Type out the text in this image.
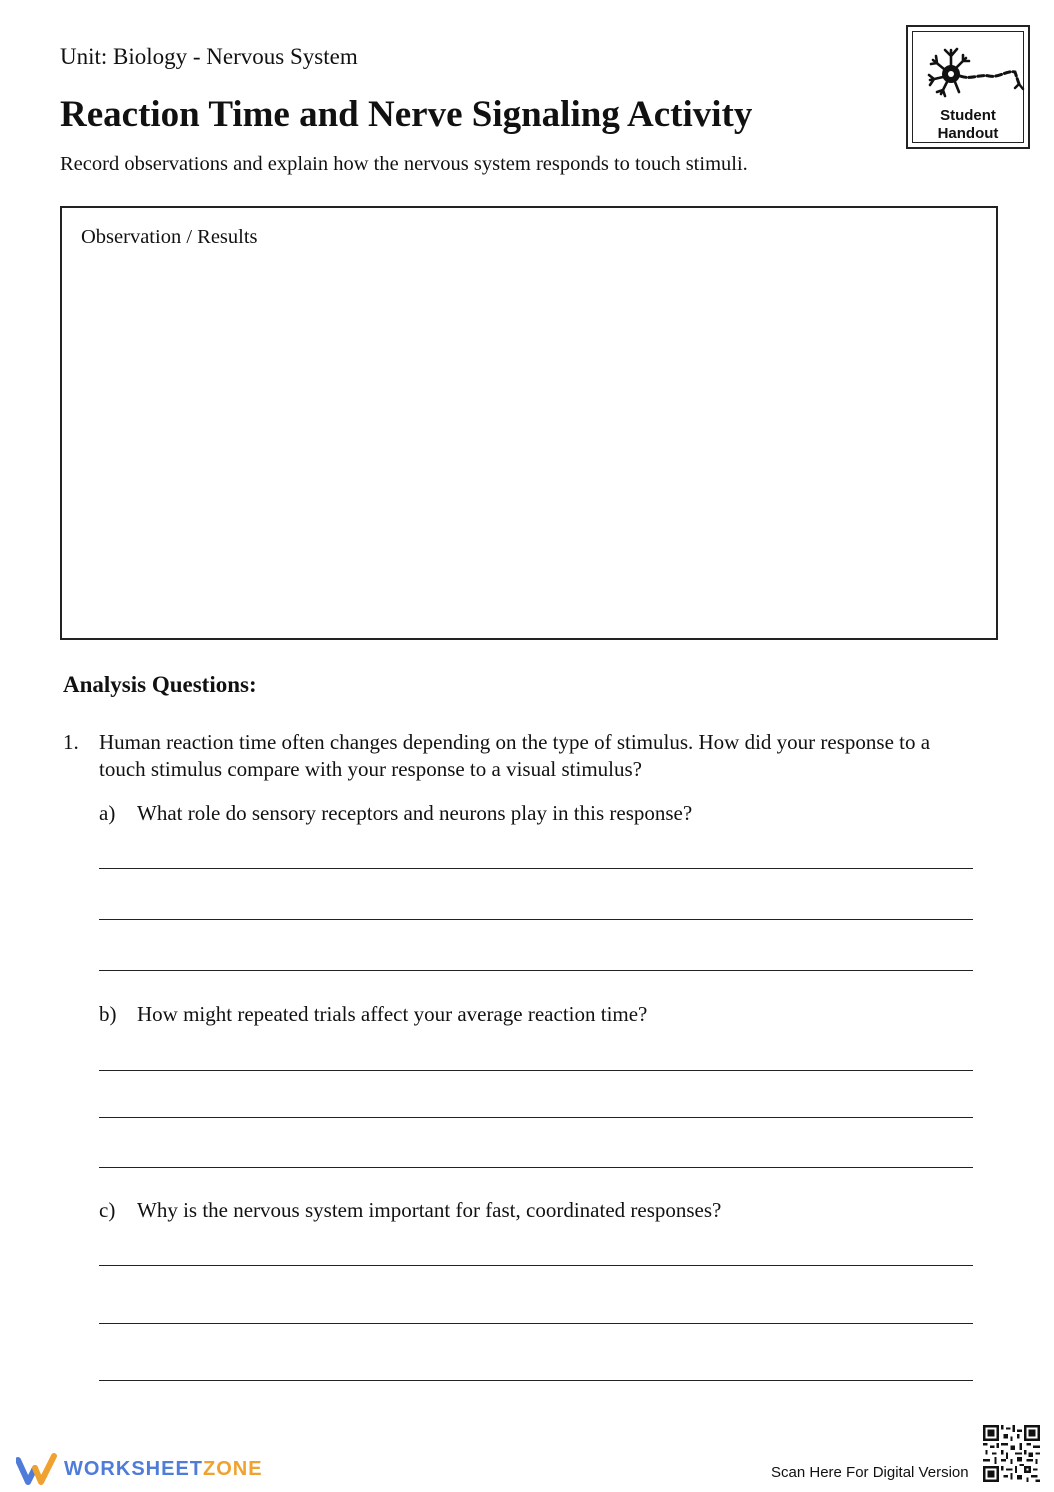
Unit: Biology - Nervous System
Reaction Time and Nerve Signaling Activity
Record observations and explain how the nervous system responds to touch stimuli.
Student
Handout
Observation / Results
Analysis Questions:
1. Human reaction time often changes depending on the type of stimulus. How did your response to a touch stimulus compare with your response to a visual stimulus?
a) What role do sensory receptors and neurons play in this response?
b) How might repeated trials affect your average reaction time?
c) Why is the nervous system important for fast, coordinated responses?
WORKSHEETZONE	Scan Here For Digital Version
